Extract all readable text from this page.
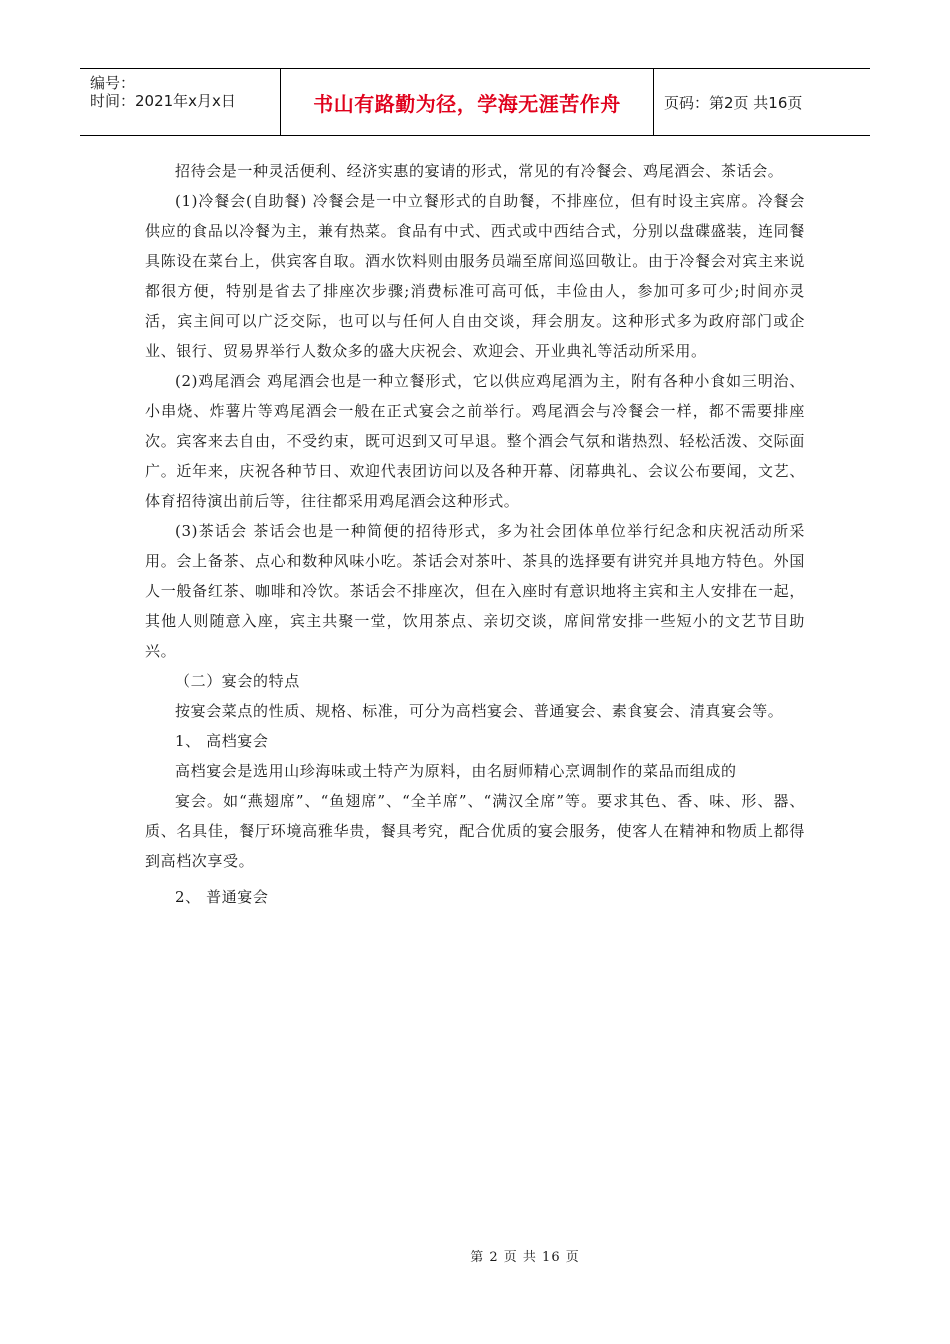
编号：
时间：2021年x月x日	书山有路勤为径，学海无涯苦作舟	页码：第2页 共16页

招待会是一种灵活便利、经济实惠的宴请的形式，常见的有冷餐会、鸡尾酒会、茶话会。

(1)冷餐会(自助餐) 冷餐会是一中立餐形式的自助餐，不排座位，但有时设主宾席。冷餐会供应的食品以冷餐为主，兼有热菜。食品有中式、西式或中西结合式，分别以盘碟盛装，连同餐具陈设在菜台上，供宾客自取。酒水饮料则由服务员端至席间巡回敬让。由于冷餐会对宾主来说都很方便，特别是省去了排座次步骤;消费标准可高可低，丰俭由人，参加可多可少;时间亦灵活，宾主间可以广泛交际，也可以与任何人自由交谈，拜会朋友。这种形式多为政府部门或企业、银行、贸易界举行人数众多的盛大庆祝会、欢迎会、开业典礼等活动所采用。

(2)鸡尾酒会 鸡尾酒会也是一种立餐形式，它以供应鸡尾酒为主，附有各种小食如三明治、小串烧、炸薯片等鸡尾酒会一般在正式宴会之前举行。鸡尾酒会与冷餐会一样，都不需要排座次。宾客来去自由，不受约束，既可迟到又可早退。整个酒会气氛和谐热烈、轻松活泼、交际面广。近年来，庆祝各种节日、欢迎代表团访问以及各种开幕、闭幕典礼、会议公布要闻，文艺、体育招待演出前后等，往往都采用鸡尾酒会这种形式。

(3)茶话会 茶话会也是一种简便的招待形式，多为社会团体单位举行纪念和庆祝活动所采用。会上备茶、点心和数种风味小吃。茶话会对茶叶、茶具的选择要有讲究并具地方特色。外国人一般备红茶、咖啡和冷饮。茶话会不排座次，但在入座时有意识地将主宾和主人安排在一起，其他人则随意入座，宾主共聚一堂，饮用茶点、亲切交谈，席间常安排一些短小的文艺节目助兴。

（二）宴会的特点

按宴会菜点的性质、规格、标准，可分为高档宴会、普通宴会、素食宴会、清真宴会等。

1、 高档宴会

高档宴会是选用山珍海味或土特产为原料，由名厨师精心烹调制作的菜品而组成的

宴会。如“燕翅席”、“鱼翅席”、“全羊席”、“满汉全席”等。要求其色、香、味、形、器、质、名具佳，餐厅环境高雅华贵，餐具考究，配合优质的宴会服务，使客人在精神和物质上都得到高档次享受。

2、 普通宴会

第 2 页 共 16 页
